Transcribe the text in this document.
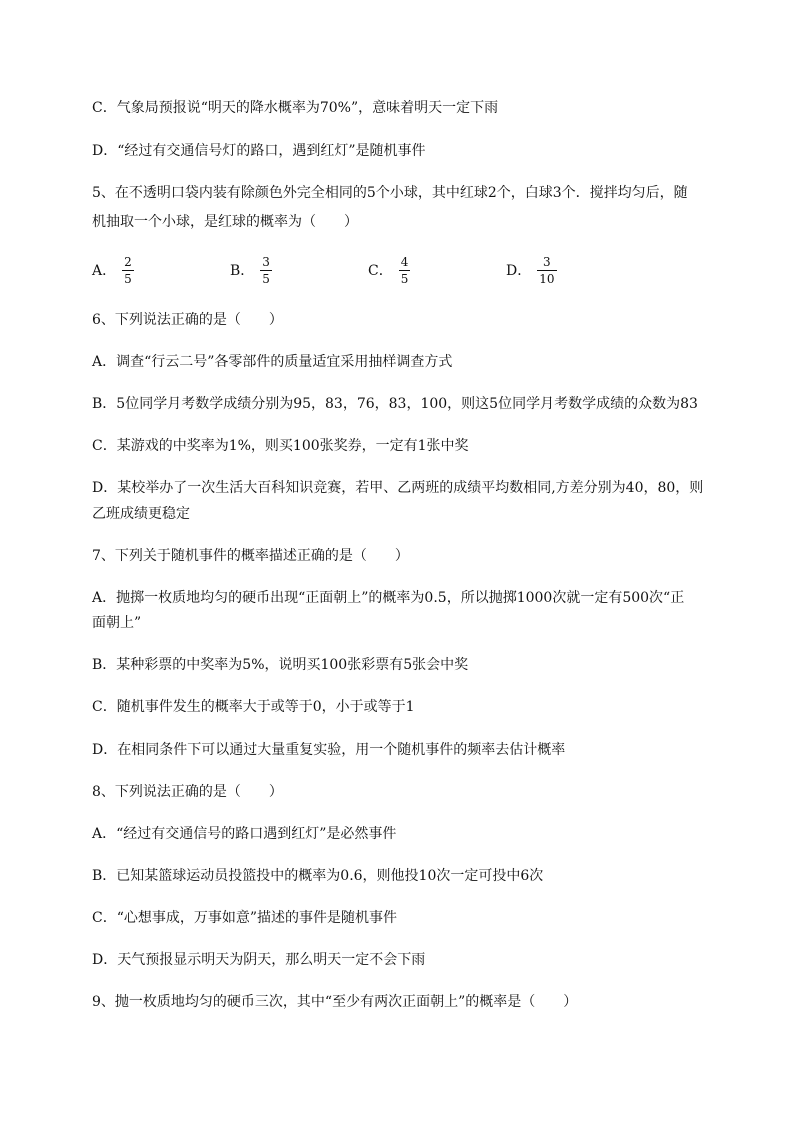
C．气象局预报说“明天的降水概率为70%”，意味着明天一定下雨
D．“经过有交通信号灯的路口，遇到红灯”是随机事件
5、在不透明口袋内装有除颜色外完全相同的5个小球，其中红球2个，白球3个．搅拌均匀后，随
机抽取一个小球，是红球的概率为（　　）
A． $\frac{2}{5}$	B． $\frac{3}{5}$	C． $\frac{4}{5}$	D． $\frac{3}{10}$
6、下列说法正确的是（　　）
A．调查“行云二号”各零部件的质量适宜采用抽样调查方式
B．5位同学月考数学成绩分别为95，83，76，83，100，则这5位同学月考数学成绩的众数为83
C．某游戏的中奖率为1%，则买100张奖券，一定有1张中奖
D．某校举办了一次生活大百科知识竞赛，若甲、乙两班的成绩平均数相同,方差分别为40，80，则
乙班成绩更稳定
7、下列关于随机事件的概率描述正确的是（　　）
A．抛掷一枚质地均匀的硬币出现“正面朝上”的概率为0.5，所以抛掷1000次就一定有500次“正
面朝上”
B．某种彩票的中奖率为5%，说明买100张彩票有5张会中奖
C．随机事件发生的概率大于或等于0，小于或等于1
D．在相同条件下可以通过大量重复实验，用一个随机事件的频率去估计概率
8、下列说法正确的是（　　）
A．“经过有交通信号的路口遇到红灯”是必然事件
B．已知某篮球运动员投篮投中的概率为0.6，则他投10次一定可投中6次
C．“心想事成，万事如意”描述的事件是随机事件
D．天气预报显示明天为阴天，那么明天一定不会下雨
9、抛一枚质地均匀的硬币三次，其中“至少有两次正面朝上”的概率是（　　）
